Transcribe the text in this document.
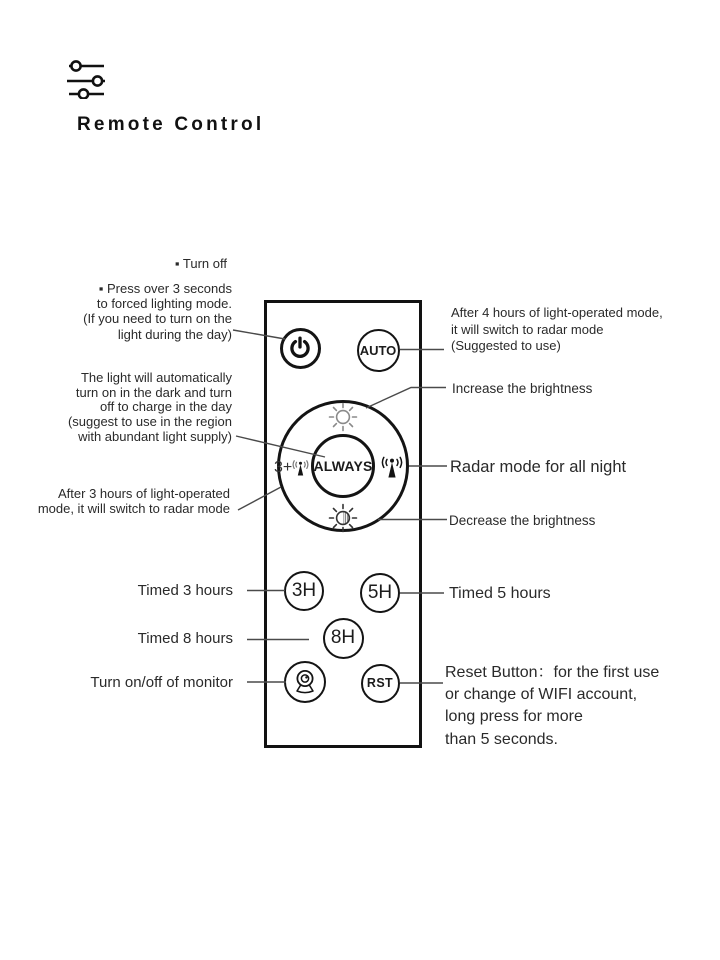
Remote Control
▪ Turn off
▪ Press over 3 seconds
to forced lighting mode.
(If you need to turn on the
light during the day)
The light will automatically
turn on in the dark and turn
off to charge in the day
(suggest to use in the region
with abundant light supply)
After 3 hours of light-operated
mode, it will switch to radar mode
Timed 3 hours
Timed 8 hours
Turn on/off of monitor
After 4 hours of light-operated mode,
it will switch to radar mode
(Suggested to use)
Increase the brightness
Radar mode for all night
Decrease the brightness
Timed 5 hours
Reset Button：for the first use
or change of WIFI account,
long press for more
than 5 seconds.
AUTO
ALWAYS
3+
3H	5H
8H
RST
